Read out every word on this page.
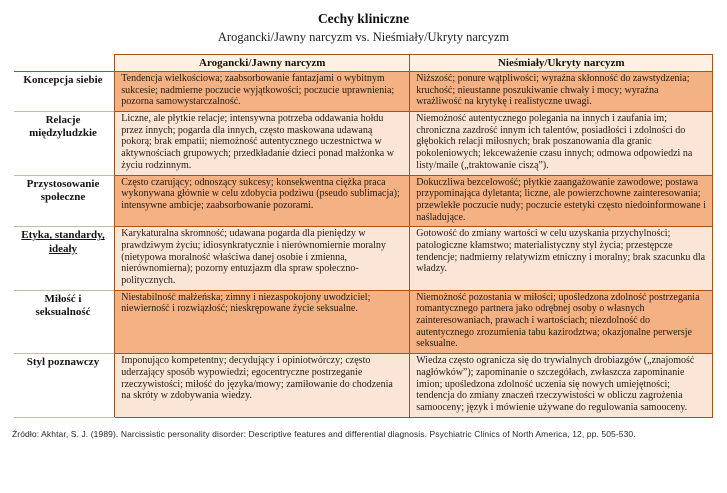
Cechy kliniczne
Arogancki/Jawny narcyzm vs. Nieśmiały/Ukryty narcyzm
	Arogancki/Jawny narcyzm	Nieśmiały/Ukryty narcyzm
Koncepcja siebie	Tendencja wielkościowa; zaabsorbowanie fantazjami o wybitnym sukcesie; nadmierne poczucie wyjątkowości; poczucie uprawnienia; pozorna samowystarczalność.	Niższość; ponure wątpliwości; wyraźna skłonność do zawstydzenia; kruchość; nieustanne poszukiwanie chwały i mocy; wyraźna wrażliwość na krytykę i realistyczne uwagi.
Relacje międzyludzkie	Liczne, ale płytkie relacje; intensywna potrzeba oddawania hołdu przez innych; pogarda dla innych, często maskowana udawaną pokorą; brak empatii; niemożność autentycznego uczestnictwa w aktywnościach grupowych; przedkładanie dzieci ponad małżonka w życiu rodzinnym.	Niemożność autentycznego polegania na innych i zaufania im; chroniczna zazdrość innym ich talentów, posiadłości i zdolności do głębokich relacji miłosnych; brak poszanowania dla granic pokoleniowych; lekceważenie czasu innych; odmowa odpowiedzi na listy/maile („traktowanie ciszą”).
Przystosowanie społeczne	Często czarujący; odnoszący sukcesy; konsekwentna ciężka praca wykonywana głównie w celu zdobycia podziwu (pseudo sublimacja); intensywne ambicje; zaabsorbowanie pozorami.	Dokuczliwa bezcelowość; płytkie zaangażowanie zawodowe; postawa przypominająca dyletanta; liczne, ale powierzchowne zainteresowania; przewlekłe poczucie nudy; poczucie estetyki często niedoinformowane i naśladujące.
Etyka, standardy, ideały	Karykaturalna skromność; udawana pogarda dla pieniędzy w prawdziwym życiu; idiosynkratycznie i nierównomiernie moralny (nietypowa moralność właściwa danej osobie i zmienna, nierównomierna); pozorny entuzjazm dla spraw społeczno-politycznych.	Gotowość do zmiany wartości w celu uzyskania przychylności; patologiczne kłamstwo; materialistyczny styl życia; przestępcze tendencje; nadmierny relatywizm etniczny i moralny; brak szacunku dla władzy.
Miłość i seksualność	Niestabilność małżeńska; zimny i niezaspokojony uwodziciel; niewierność i rozwiązłość; nieskrępowane życie seksualne.	Niemożność pozostania w miłości; upośledzona zdolność postrzegania romantycznego partnera jako odrębnej osoby o własnych zainteresowaniach, prawach i wartościach; niezdolność do autentycznego zrozumienia tabu kazirodztwa; okazjonalne perwersje seksualne.
Styl poznawczy	Imponująco kompetentny; decydujący i opiniotwórczy; często uderzający sposób wypowiedzi; egocentryczne postrzeganie rzeczywistości; miłość do języka/mowy; zamiłowanie do chodzenia na skróty w zdobywania wiedzy.	Wiedza często ogranicza się do trywialnych drobiazgów („znajomość nagłówków”); zapominanie o szczegółach, zwłaszcza zapominanie imion; upośledzona zdolność uczenia się nowych umiejętności; tendencja do zmiany znaczeń rzeczywistości w obliczu zagrożenia samooceny; język i mówienie używane do regulowania samooceny.
Źródło: Akhtar, S. J. (1989). Narcissistic personality disorder: Descriptive features and differential diagnosis. Psychiatric Clinics of North America, 12, pp. 505-530.
